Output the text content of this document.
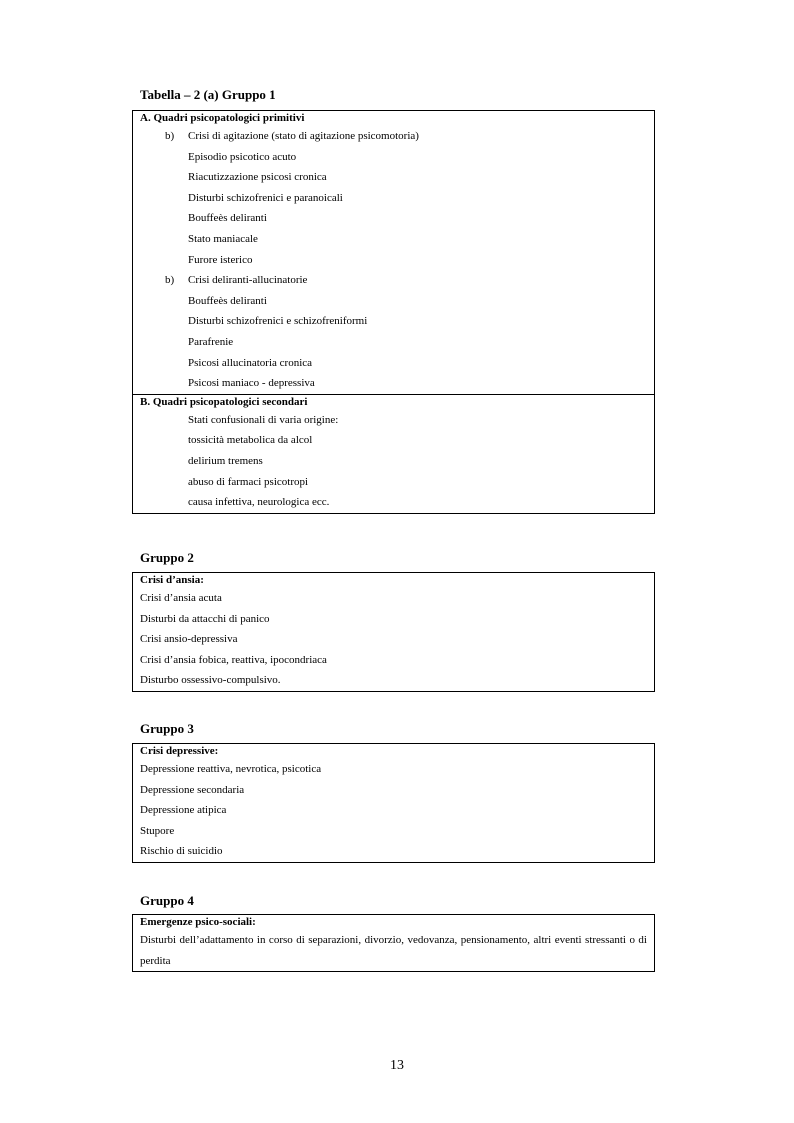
Tabella – 2 (a) Gruppo 1
A. Quadri psicopatologici primitivi
b) Crisi di agitazione (stato di agitazione psicomotoria)
Episodio psicotico acuto
Riacutizzazione psicosi cronica
Disturbi schizofrenici e paranoicali
Bouffeès deliranti
Stato maniacale
Furore isterico
b) Crisi deliranti-allucinatorie
Bouffeès deliranti
Disturbi schizofrenici e schizofreniformi
Parafrenie
Psicosi allucinatoria cronica
Psicosi maniaco - depressiva
B. Quadri psicopatologici secondari
Stati confusionali di varia origine:
tossicità metabolica da alcol
delirium tremens
abuso di farmaci psicotropi
causa infettiva, neurologica ecc.
Gruppo 2
Crisi d’ansia:
Crisi d’ansia acuta
Disturbi da attacchi di panico
Crisi ansio-depressiva
Crisi d’ansia fobica, reattiva, ipocondriaca
Disturbo ossessivo-compulsivo.
Gruppo 3
Crisi depressive:
Depressione reattiva, nevrotica, psicotica
Depressione secondaria
Depressione atipica
Stupore
Rischio di suicidio
Gruppo 4
Emergenze psico-sociali:
Disturbi dell’adattamento in corso di separazioni, divorzio, vedovanza, pensionamento, altri eventi stressanti o di perdita
13
